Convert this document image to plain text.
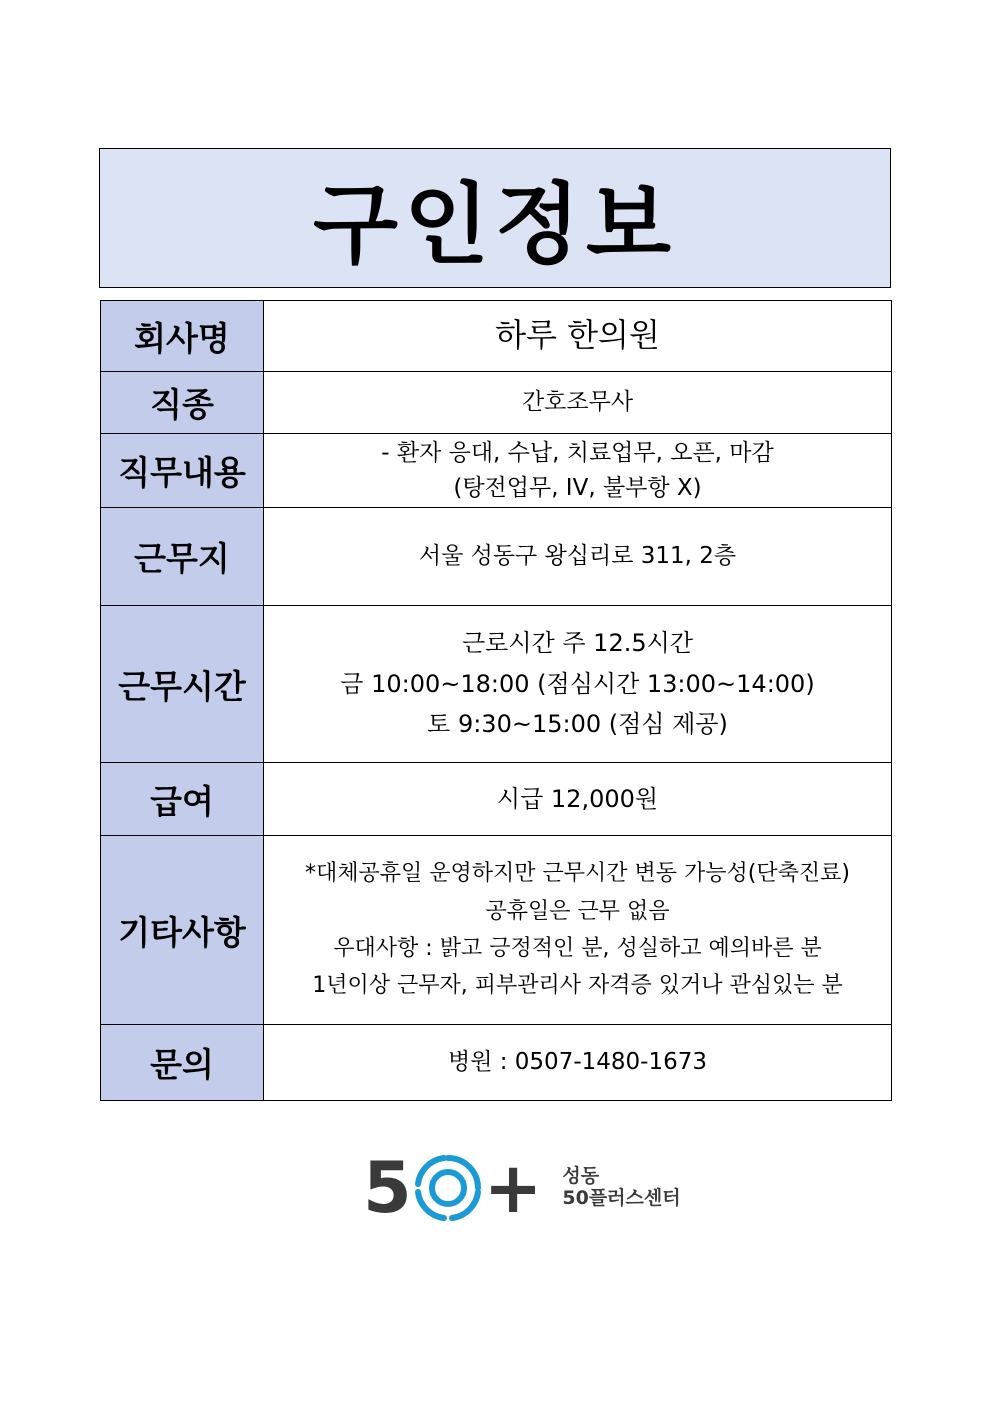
구인정보
회사명	하루 한의원

직종	간호조무사

직무내용	- 환자 응대, 수납, 치료업무, 오픈, 마감
(탕전업무, IV, 불부항 X)

근무지	서울 성동구 왕십리로 311, 2층

근무시간	근로시간 주 12.5시간
금 10:00~18:00 (점심시간 13:00~14:00)
토 9:30~15:00 (점심 제공)

급여	시급 12,000원

기타사항	*대체공휴일 운영하지만 근무시간 변동 가능성(단축진료)
공휴일은 근무 없음
우대사항 : 밝고 긍정적인 분, 성실하고 예의바른 분
1년이상 근무자, 피부관리사 자격증 있거나 관심있는 분

문의	병원 : 0507-1480-1673
5 + 성동
50플러스센터
